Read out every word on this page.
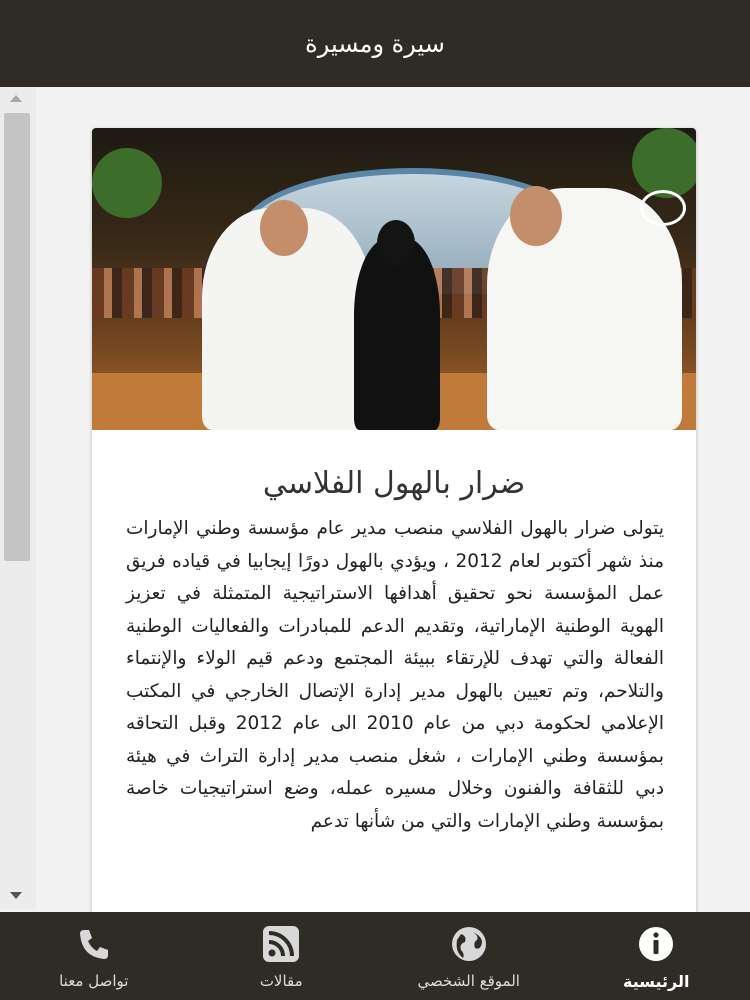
سيرة ومسيرة
ضرار بالهول الفلاسي
يتولى ضرار بالهول الفلاسي منصب مدير عام مؤسسة وطني الإمارات منذ شهر أكتوبر لعام 2012 ، ويؤدي بالهول دورًا إيجابيا في قياده فريق عمل المؤسسة نحو تحقيق أهدافها الاستراتيجية المتمثلة في تعزيز الهوية الوطنية الإماراتية، وتقديم الدعم للمبادرات والفعاليات الوطنية الفعالة والتي تهدف للإرتقاء ببيئة المجتمع ودعم قيم الولاء والإنتماء والتلاحم، وتم تعيين بالهول مدير إدارة الإتصال الخارجي في المكتب الإعلامي لحكومة دبي من عام 2010 الى عام 2012 وقبل التحاقه بمؤسسة وطني الإمارات ، شغل منصب مدير إدارة التراث في هيئة دبي للثقافة والفنون وخلال مسيره عمله، وضع استراتيجيات خاصة بمؤسسة وطني الإمارات والتي من شأنها تدعم
تواصل معنا	مقالات	الموقع الشخصي	الرئيسية
